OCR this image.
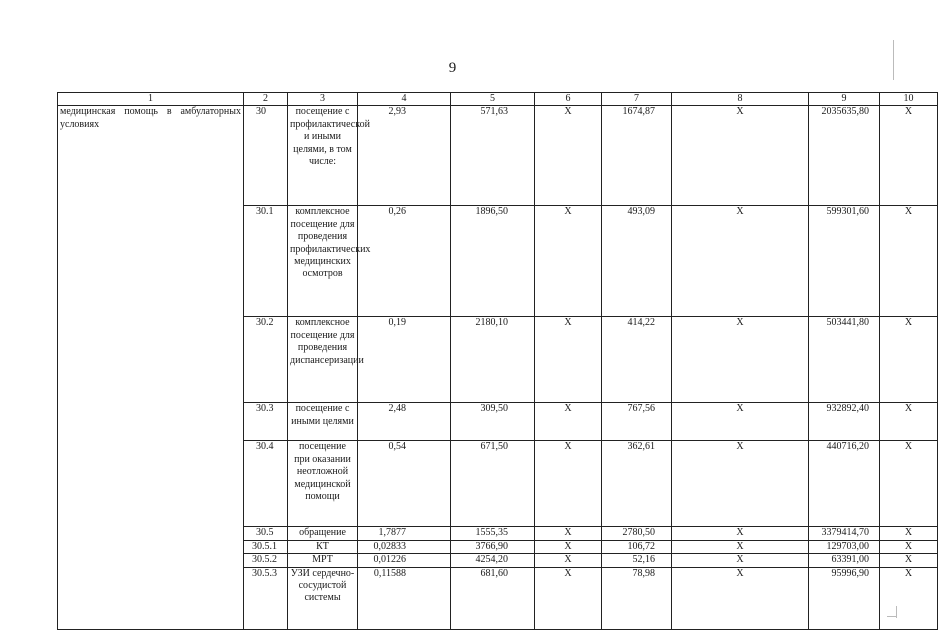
9
1	2	3	4	5	6	7	8	9	10
медицинская помощь в амбулаторных условиях	30	посещение с профилактической и иными целями, в том числе:	2,93	571,63	Х	1674,87	Х	2035635,80	Х
	30.1	комплексное посещение для проведения профилактических медицинских осмотров	0,26	1896,50	Х	493,09	Х	599301,60	Х
	30.2	комплексное посещение для проведения диспансеризации	0,19	2180,10	Х	414,22	Х	503441,80	Х
	30.3	посещение с иными целями	2,48	309,50	Х	767,56	Х	932892,40	Х
	30.4	посещение при оказании неотложной медицинской помощи	0,54	671,50	Х	362,61	Х	440716,20	Х
	30.5	обращение	1,7877	1555,35	Х	2780,50	Х	3379414,70	Х
	30.5.1	КТ	0,02833	3766,90	Х	106,72	Х	129703,00	Х
	30.5.2	МРТ	0,01226	4254,20	Х	52,16	Х	63391,00	Х
	30.5.3	УЗИ сердечно-сосудистой системы	0,11588	681,60	Х	78,98	Х	95996,90	Х
